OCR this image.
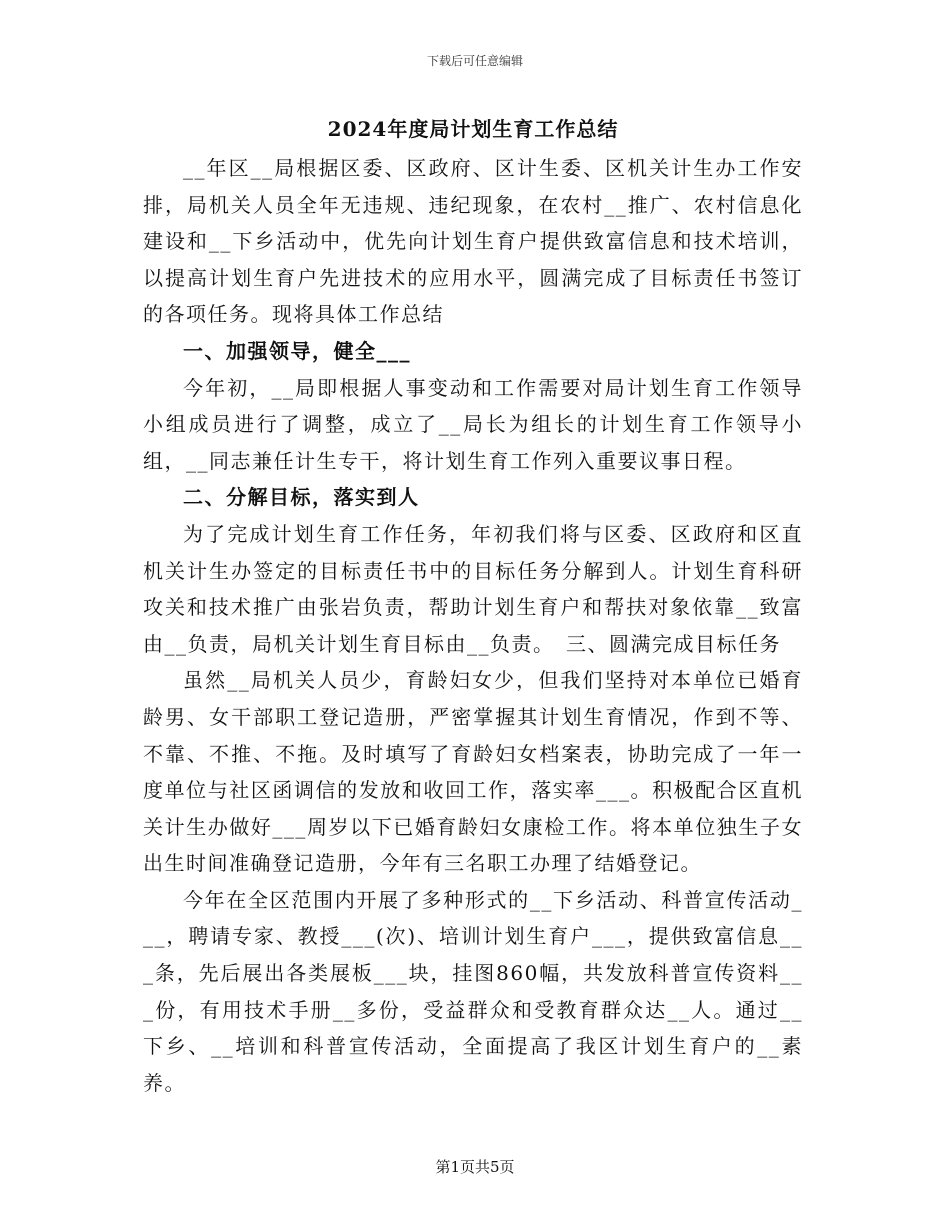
下载后可任意编辑
2024年度局计划生育工作总结

__年区__局根据区委、区政府、区计生委、区机关计生办工作安排，局机关人员全年无违规、违纪现象，在农村__推广、农村信息化建设和__下乡活动中，优先向计划生育户提供致富信息和技术培训，以提高计划生育户先进技术的应用水平，圆满完成了目标责任书签订的各项任务。现将具体工作总结

一、加强领导，健全___

今年初，__局即根据人事变动和工作需要对局计划生育工作领导小组成员进行了调整，成立了__局长为组长的计划生育工作领导小组，__同志兼任计生专干，将计划生育工作列入重要议事日程。

二、分解目标，落实到人

为了完成计划生育工作任务，年初我们将与区委、区政府和区直机关计生办签定的目标责任书中的目标任务分解到人。计划生育科研攻关和技术推广由张岩负责，帮助计划生育户和帮扶对象依靠__致富由__负责，局机关计划生育目标由__负责。　三、圆满完成目标任务

虽然__局机关人员少，育龄妇女少，但我们坚持对本单位已婚育龄男、女干部职工登记造册，严密掌握其计划生育情况，作到不等、不靠、不推、不拖。及时填写了育龄妇女档案表，协助完成了一年一度单位与社区函调信的发放和收回工作，落实率___。积极配合区直机关计生办做好___周岁以下已婚育龄妇女康检工作。将本单位独生子女出生时间准确登记造册，今年有三名职工办理了结婚登记。

今年在全区范围内开展了多种形式的__下乡活动、科普宣传活动___，聘请专家、教授___(次)、培训计划生育户___，提供致富信息___条，先后展出各类展板___块，挂图860幅，共发放科普宣传资料___份，有用技术手册__多份，受益群众和受教育群众达__人。通过__下乡、__培训和科普宣传活动，全面提高了我区计划生育户的__素养。

第1页共5页
